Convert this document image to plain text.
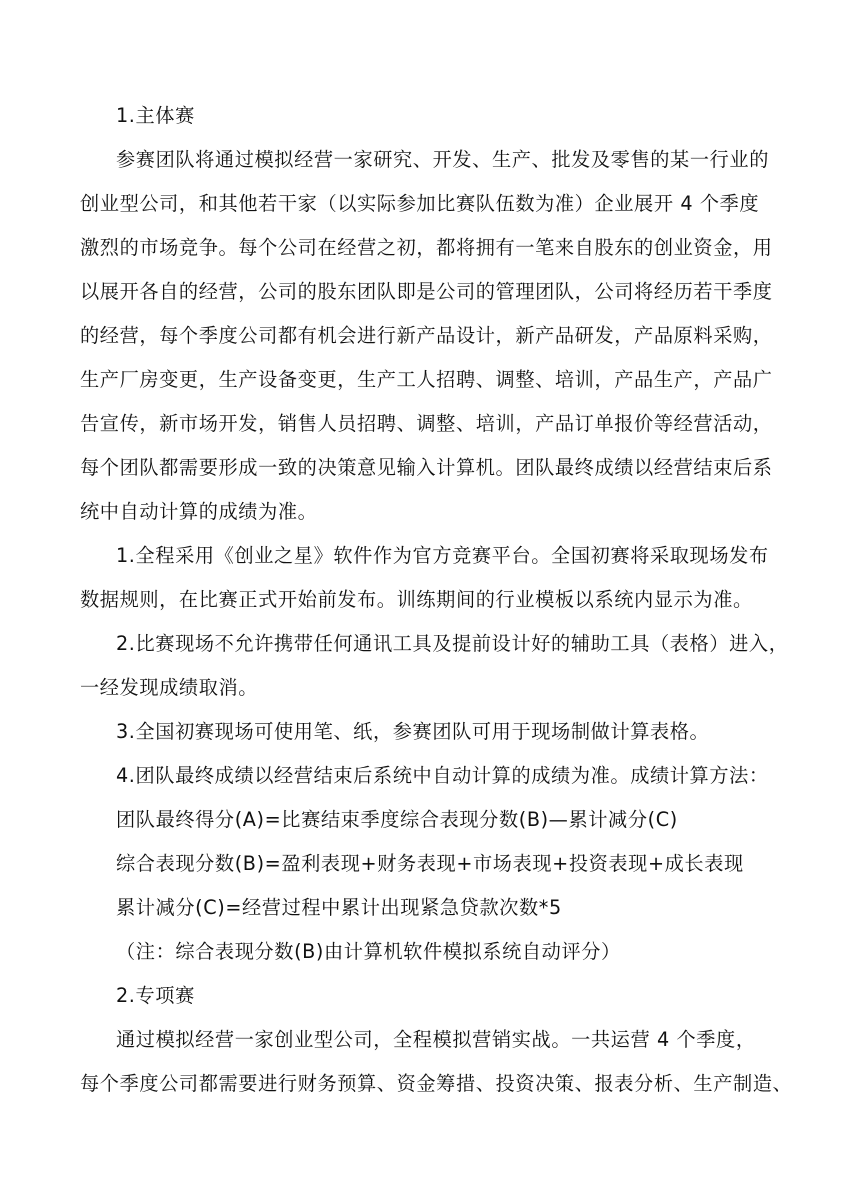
1.主体赛
参赛团队将通过模拟经营一家研究、开发、生产、批发及零售的某一行业的
创业型公司，和其他若干家（以实际参加比赛队伍数为准）企业展开 4 个季度
激烈的市场竞争。每个公司在经营之初，都将拥有一笔来自股东的创业资金，用
以展开各自的经营，公司的股东团队即是公司的管理团队，公司将经历若干季度
的经营，每个季度公司都有机会进行新产品设计，新产品研发，产品原料采购，
生产厂房变更，生产设备变更，生产工人招聘、调整、培训，产品生产，产品广
告宣传，新市场开发，销售人员招聘、调整、培训，产品订单报价等经营活动，
每个团队都需要形成一致的决策意见输入计算机。团队最终成绩以经营结束后系
统中自动计算的成绩为准。
1.全程采用《创业之星》软件作为官方竞赛平台。全国初赛将采取现场发布
数据规则，在比赛正式开始前发布。训练期间的行业模板以系统内显示为准。
2.比赛现场不允许携带任何通讯工具及提前设计好的辅助工具（表格）进入，
一经发现成绩取消。
3.全国初赛现场可使用笔、纸，参赛团队可用于现场制做计算表格。
4.团队最终成绩以经营结束后系统中自动计算的成绩为准。成绩计算方法：
团队最终得分(A)=比赛结束季度综合表现分数(B)—累计减分(C)
综合表现分数(B)=盈利表现+财务表现+市场表现+投资表现+成长表现
累计减分(C)=经营过程中累计出现紧急贷款次数*5
（注：综合表现分数(B)由计算机软件模拟系统自动评分）
2.专项赛
通过模拟经营一家创业型公司，全程模拟营销实战。一共运营 4 个季度，
每个季度公司都需要进行财务预算、资金筹措、投资决策、报表分析、生产制造、
